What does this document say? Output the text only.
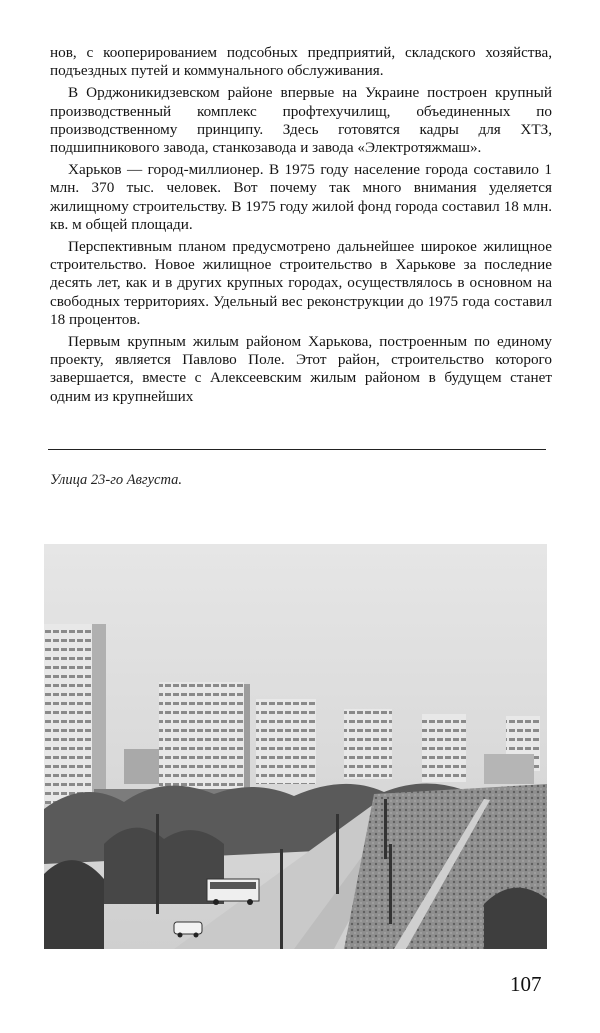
нов, с кооперированием подсобных предприятий, складского хозяйства, подъездных путей и коммунального обслуживания.

В Орджоникидзевском районе впервые на Украине построен крупный производственный комплекс профтехучилищ, объединенных по производственному принципу. Здесь готовятся кадры для ХТЗ, подшипникового завода, станкозавода и завода «Электротяжмаш».

Харьков — город-миллионер. В 1975 году население города составило 1 млн. 370 тыс. человек. Вот почему так много внимания уделяется жилищному строительству. В 1975 году жилой фонд города составил 18 млн. кв. м общей площади.

Перспективным планом предусмотрено дальнейшее широкое жилищное строительство. Новое жилищное строительство в Харькове за последние десять лет, как и в других крупных городах, осуществлялось в основном на свободных территориях. Удельный вес реконструкции до 1975 года составил 18 процентов.

Первым крупным жилым районом Харькова, построенным по единому проекту, является Павлово Поле. Этот район, строительство которого завершается, вместе с Алексеевским жилым районом в будущем станет одним из крупнейших

Улица 23-го Августа.
107
